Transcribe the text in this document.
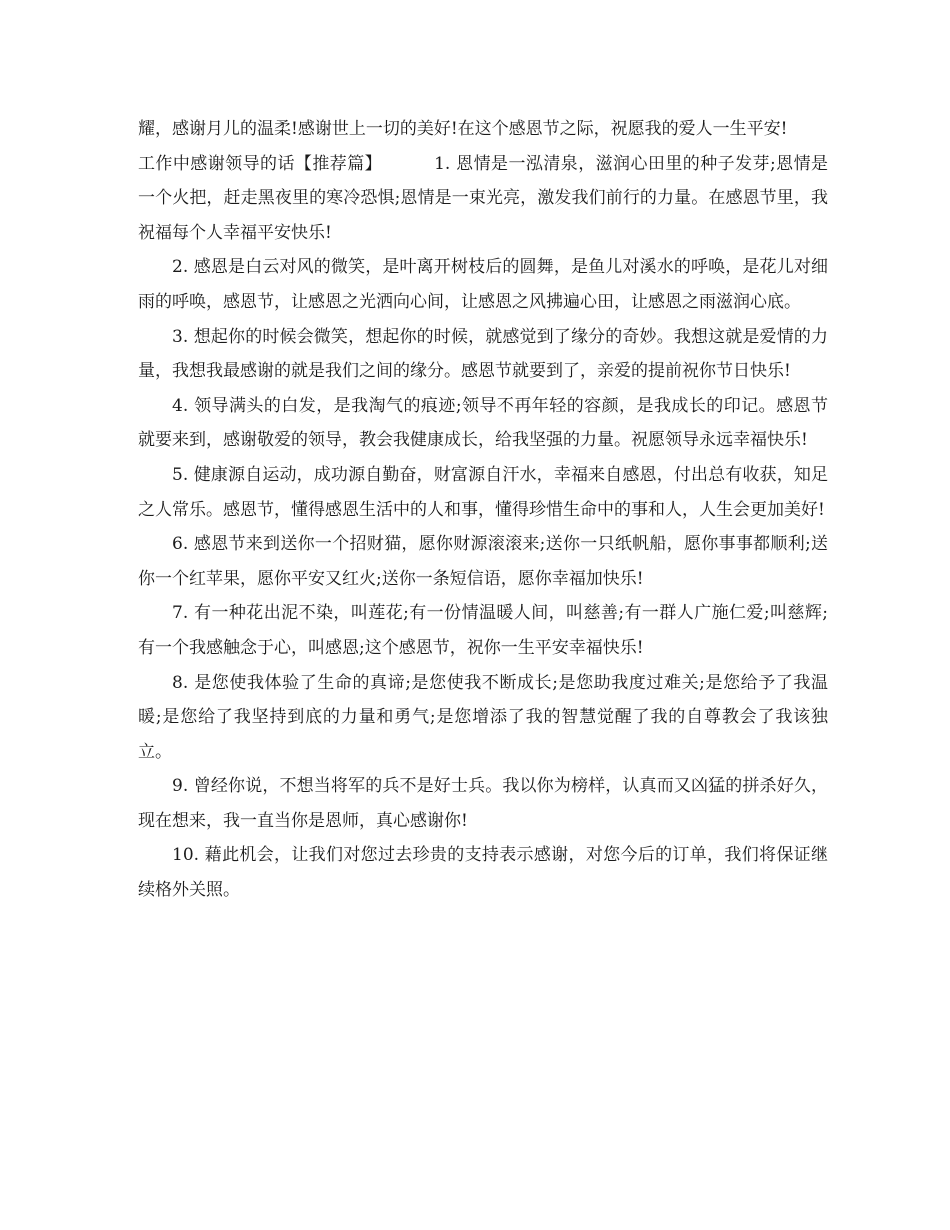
耀，感谢月儿的温柔!感谢世上一切的美好!在这个感恩节之际，祝愿我的爱人一生平安!

工作中感谢领导的话【推荐篇】	1. 恩情是一泓清泉，滋润心田里的种子发芽;恩情是一个火把，赶走黑夜里的寒冷恐惧;恩情是一束光亮，激发我们前行的力量。在感恩节里，我祝福每个人幸福平安快乐!

2. 感恩是白云对风的微笑，是叶离开树枝后的圆舞，是鱼儿对溪水的呼唤，是花儿对细雨的呼唤，感恩节，让感恩之光洒向心间，让感恩之风拂遍心田，让感恩之雨滋润心底。

3. 想起你的时候会微笑，想起你的时候，就感觉到了缘分的奇妙。我想这就是爱情的力量，我想我最感谢的就是我们之间的缘分。感恩节就要到了，亲爱的提前祝你节日快乐!

4. 领导满头的白发，是我淘气的痕迹;领导不再年轻的容颜，是我成长的印记。感恩节就要来到，感谢敬爱的领导，教会我健康成长，给我坚强的力量。祝愿领导永远幸福快乐!

5. 健康源自运动，成功源自勤奋，财富源自汗水，幸福来自感恩，付出总有收获，知足之人常乐。感恩节，懂得感恩生活中的人和事，懂得珍惜生命中的事和人，人生会更加美好!

6. 感恩节来到送你一个招财猫，愿你财源滚滚来;送你一只纸帆船，愿你事事都顺利;送你一个红苹果，愿你平安又红火;送你一条短信语，愿你幸福加快乐!

7. 有一种花出泥不染，叫莲花;有一份情温暖人间，叫慈善;有一群人广施仁爱;叫慈辉;有一个我感触念于心，叫感恩;这个感恩节，祝你一生平安幸福快乐!

8. 是您使我体验了生命的真谛;是您使我不断成长;是您助我度过难关;是您给予了我温暖;是您给了我坚持到底的力量和勇气;是您增添了我的智慧觉醒了我的自尊教会了我该独立。

9. 曾经你说，不想当将军的兵不是好士兵。我以你为榜样，认真而又凶猛的拼杀好久，现在想来，我一直当你是恩师，真心感谢你!

10. 藉此机会，让我们对您过去珍贵的支持表示感谢，对您今后的订单，我们将保证继续格外关照。
